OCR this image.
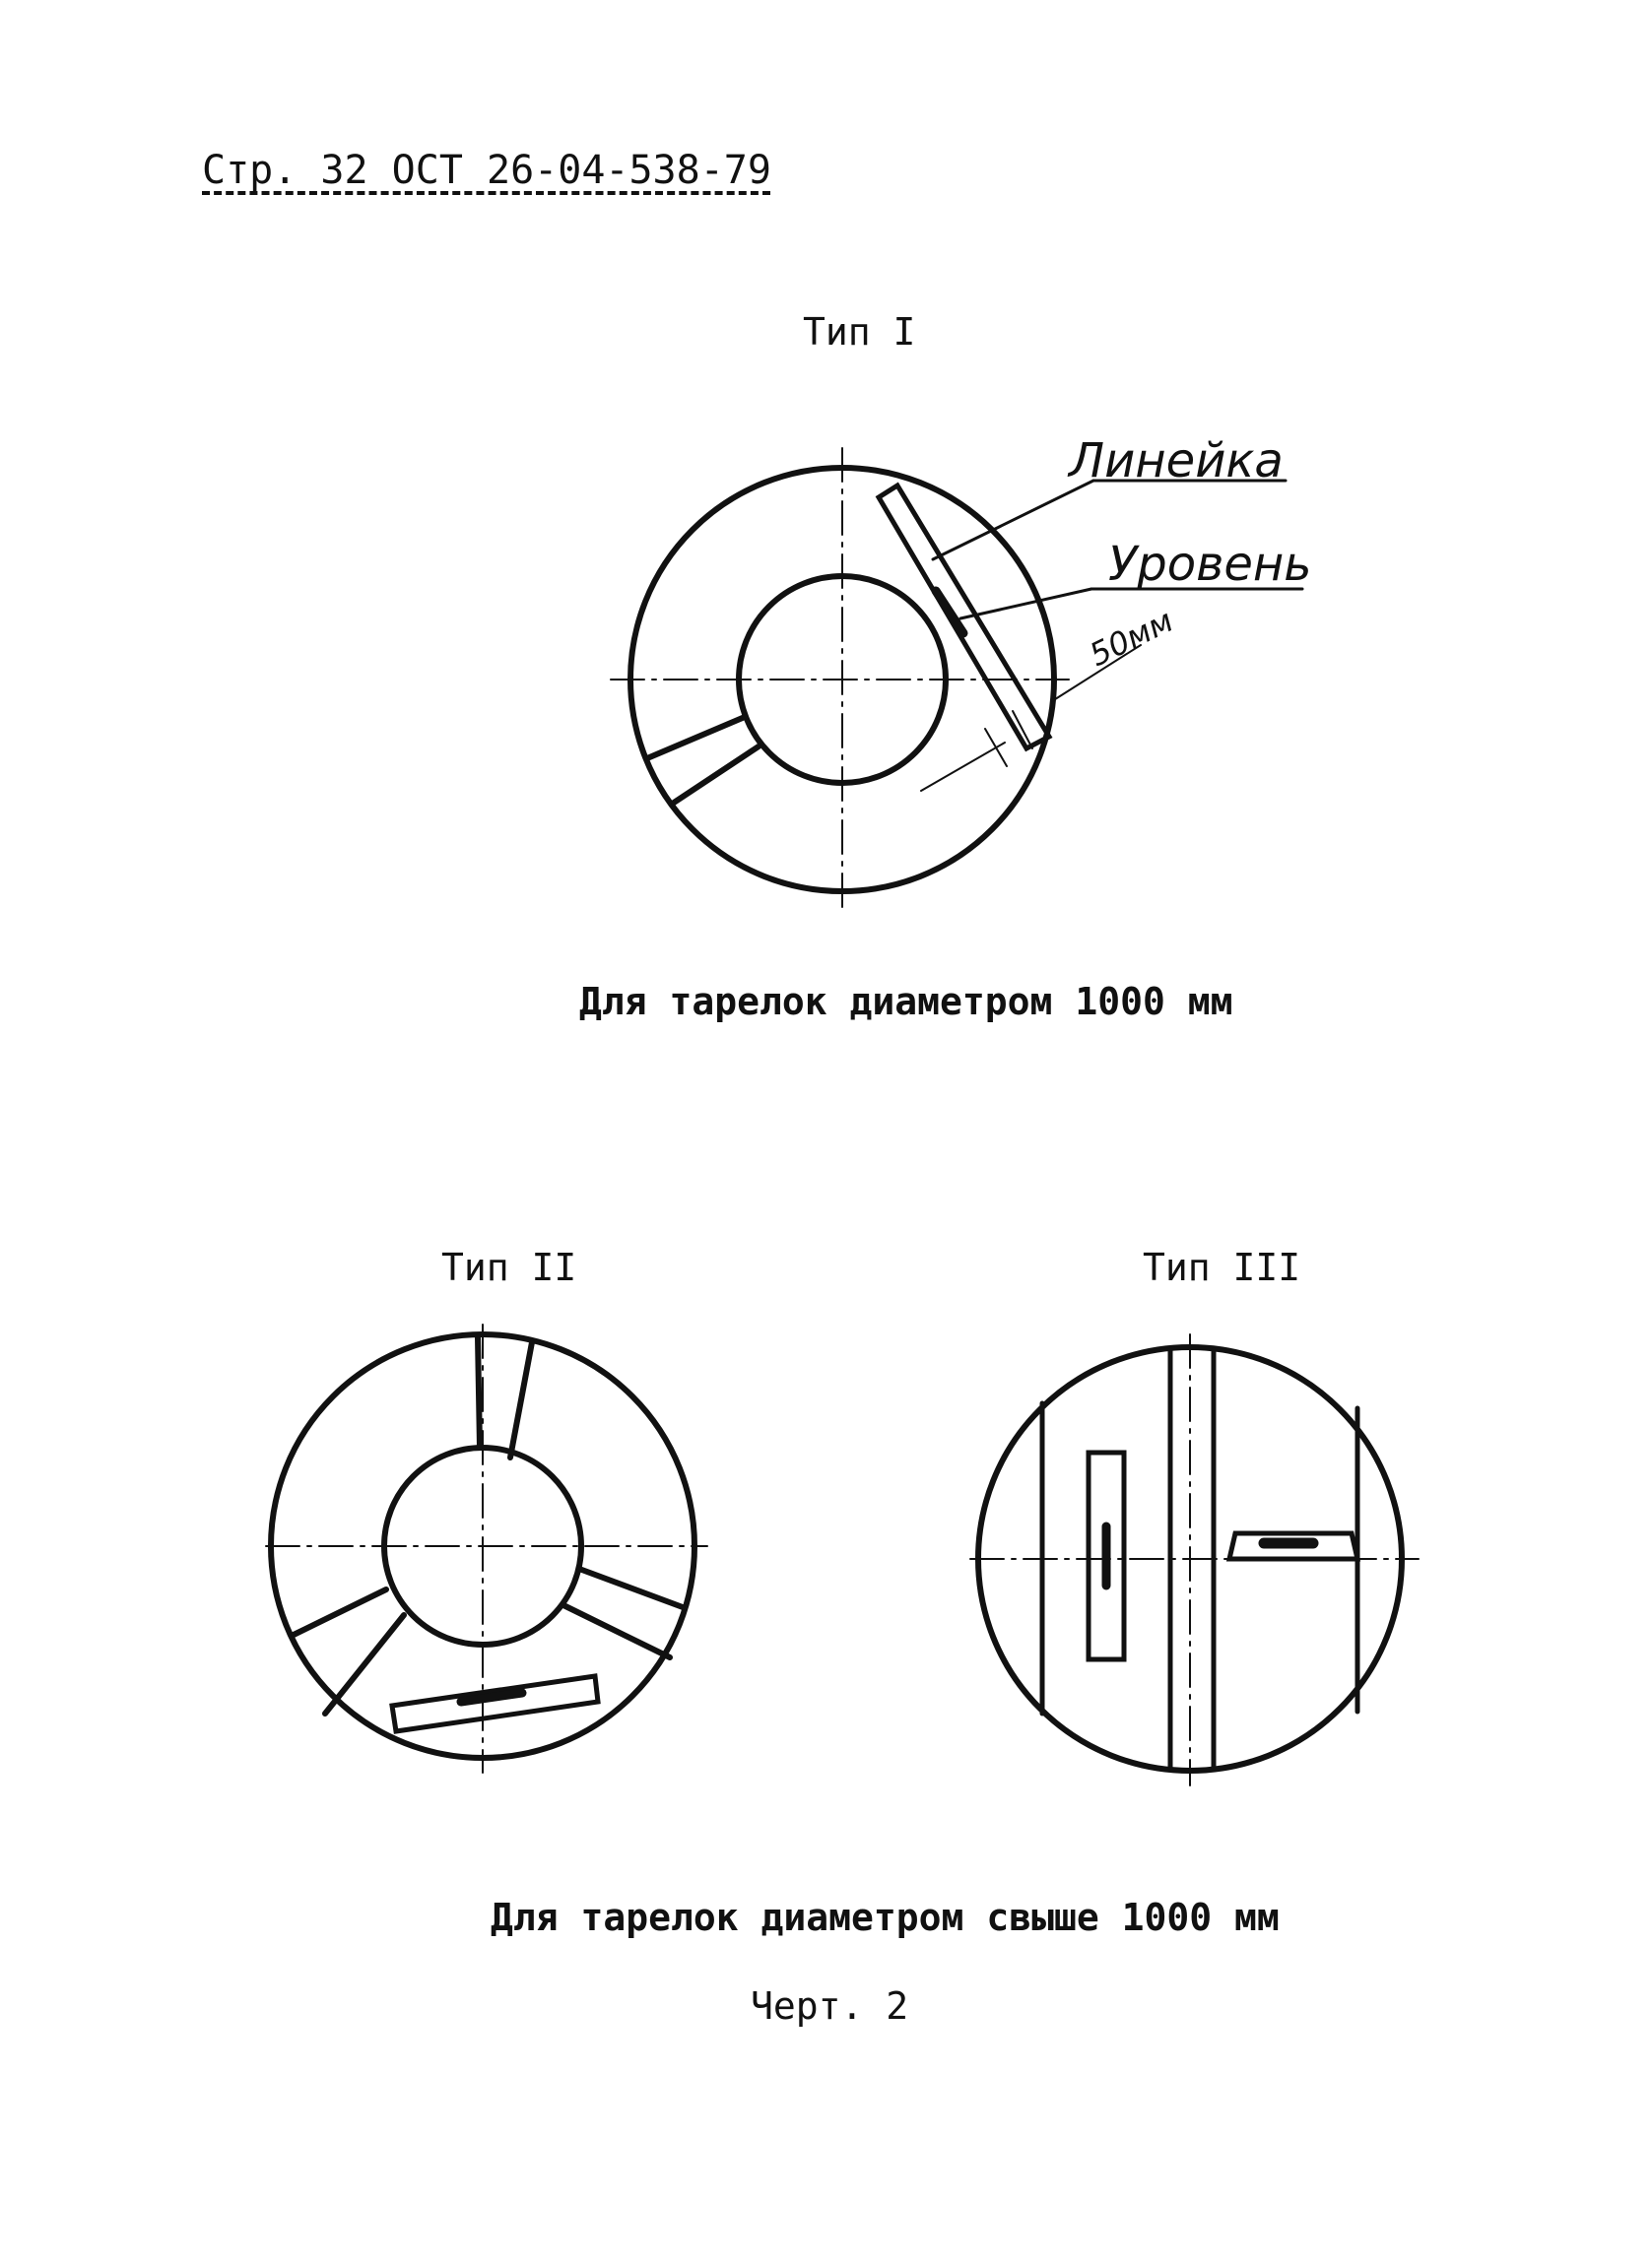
Стр. 32 ОСТ 26-04-538-79
Тип I
Линейка
Уровень
50мм
Для тарелок диаметром 1000 мм
Тип II	Тип III
Для тарелок диаметром свыше 1000 мм
Черт. 2
